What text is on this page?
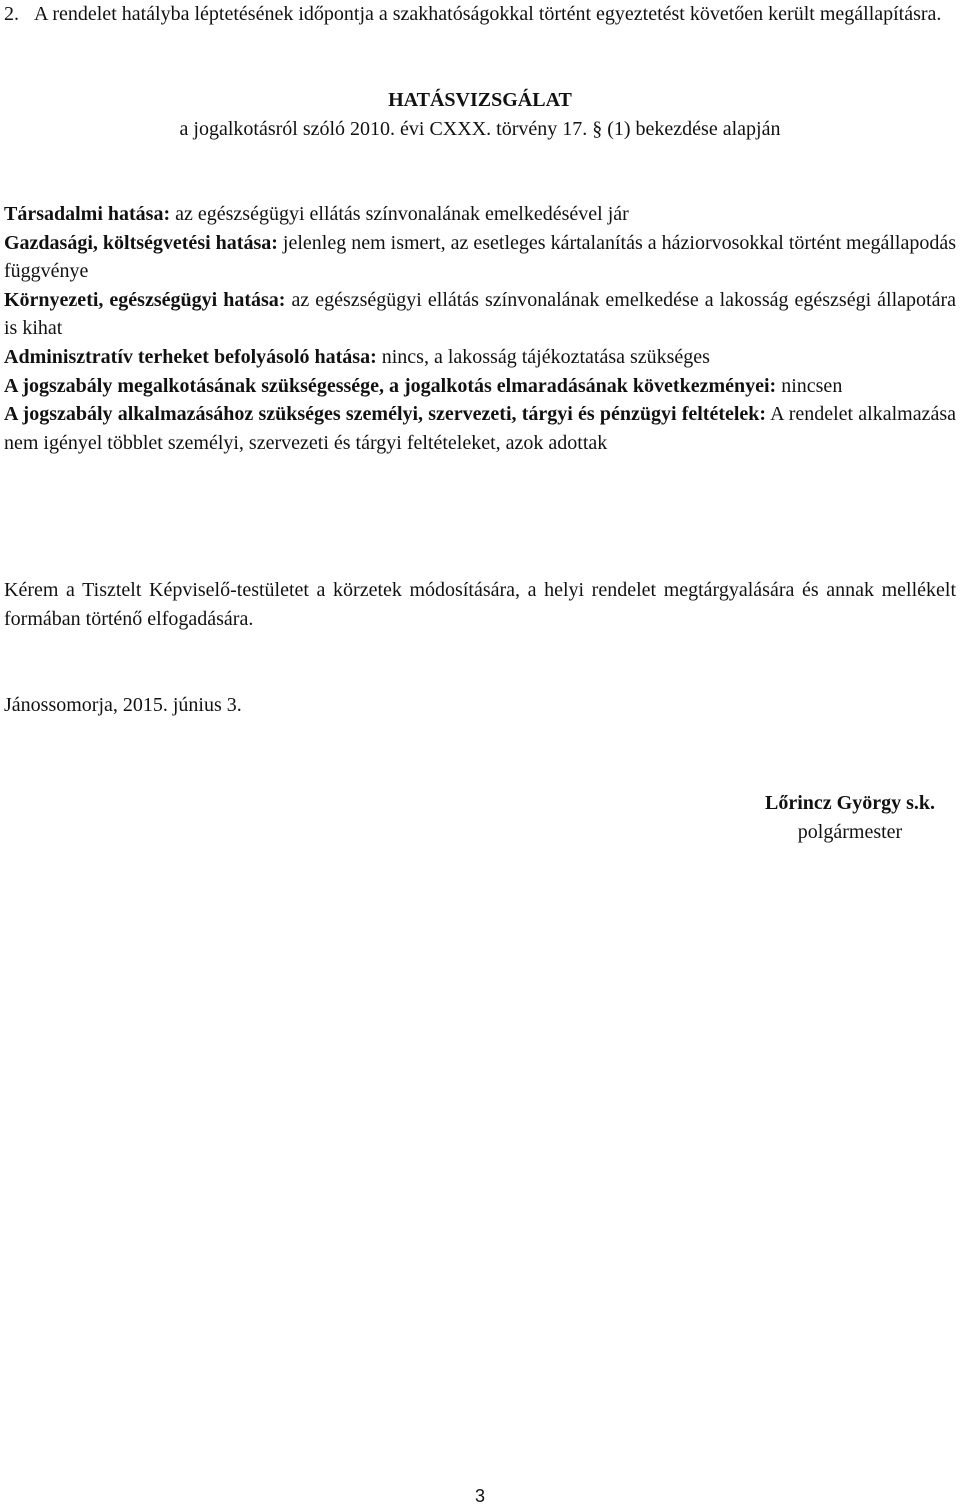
2. A rendelet hatályba léptetésének időpontja a szakhatóságokkal történt egyeztetést követően került megállapításra.

HATÁSVIZSGÁLAT

a jogalkotásról szóló 2010. évi CXXX. törvény 17. § (1) bekezdése alapján

Társadalmi hatása: az egészségügyi ellátás színvonalának emelkedésével jár

Gazdasági, költségvetési hatása: jelenleg nem ismert, az esetleges kártalanítás a háziorvosokkal történt megállapodás függvénye

Környezeti, egészségügyi hatása: az egészségügyi ellátás színvonalának emelkedése a lakosság egészségi állapotára is kihat

Adminisztratív terheket befolyásoló hatása: nincs, a lakosság tájékoztatása szükséges

A jogszabály megalkotásának szükségessége, a jogalkotás elmaradásának következményei: nincsen

A jogszabály alkalmazásához szükséges személyi, szervezeti, tárgyi és pénzügyi feltételek: A rendelet alkalmazása nem igényel többlet személyi, szervezeti és tárgyi feltételeket, azok adottak

Kérem a Tisztelt Képviselő-testületet a körzetek módosítására, a helyi rendelet megtárgyalására és annak mellékelt formában történő elfogadására.

Jánossomorja, 2015. június 3.

Lőrincz György s.k.

polgármester

3
